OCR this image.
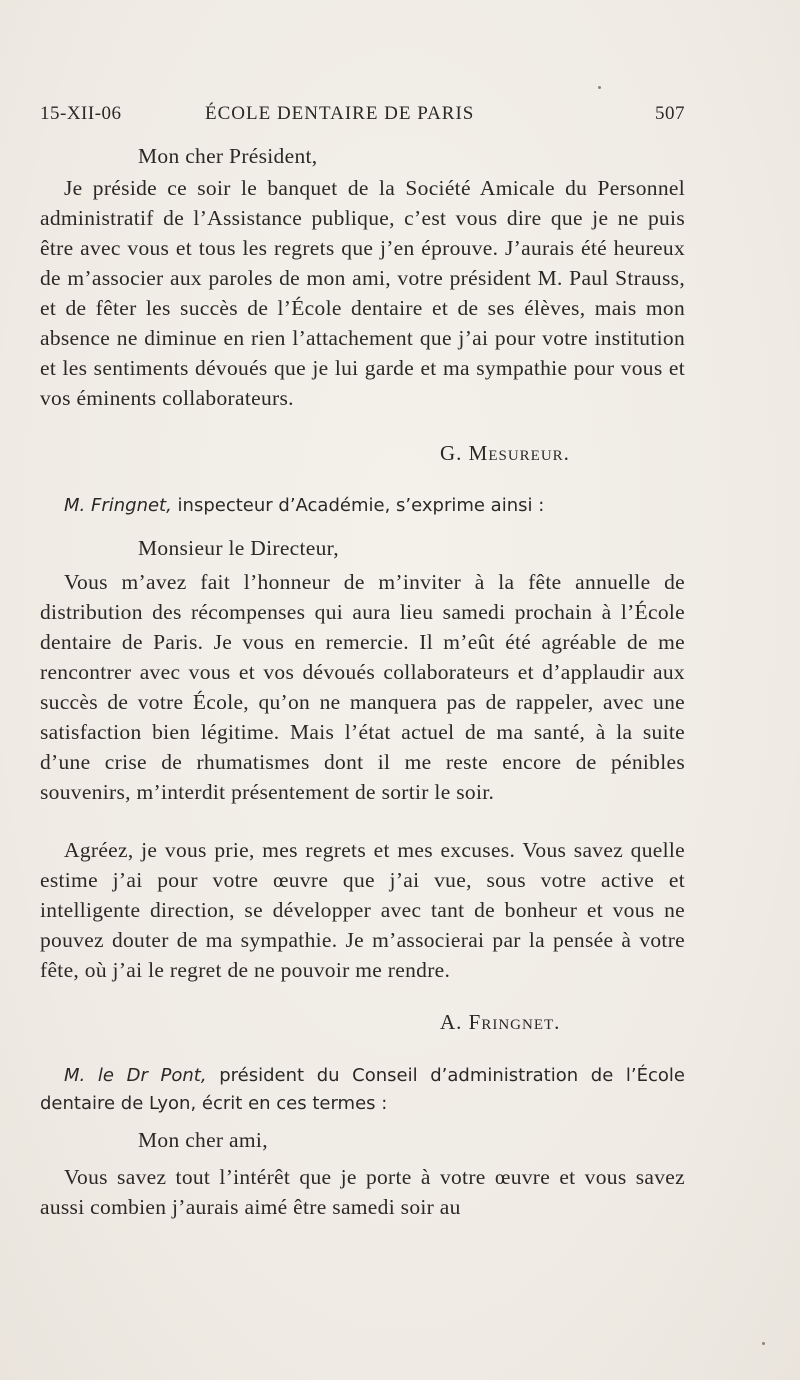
15-XII-06	ÉCOLE DENTAIRE DE PARIS	507

Mon cher Président,

Je préside ce soir le banquet de la Société Amicale du Personnel administratif de l’Assistance publique, c’est vous dire que je ne puis être avec vous et tous les regrets que j’en éprouve. J’aurais été heureux de m’associer aux paroles de mon ami, votre président M. Paul Strauss, et de fêter les succès de l’École dentaire et de ses élèves, mais mon absence ne diminue en rien l’attachement que j’ai pour votre institution et les sentiments dévoués que je lui garde et ma sympathie pour vous et vos éminents collaborateurs.

G. Mesureur.

M. Fringnet, inspecteur d’Académie, s’exprime ainsi :

Monsieur le Directeur,

Vous m’avez fait l’honneur de m’inviter à la fête annuelle de distribution des récompenses qui aura lieu samedi prochain à l’École dentaire de Paris. Je vous en remercie. Il m’eût été agréable de me rencontrer avec vous et vos dévoués collaborateurs et d’applaudir aux succès de votre École, qu’on ne manquera pas de rappeler, avec une satisfaction bien légitime. Mais l’état actuel de ma santé, à la suite d’une crise de rhumatismes dont il me reste encore de pénibles souvenirs, m’interdit présentement de sortir le soir.

Agréez, je vous prie, mes regrets et mes excuses. Vous savez quelle estime j’ai pour votre œuvre que j’ai vue, sous votre active et intelligente direction, se développer avec tant de bonheur et vous ne pouvez douter de ma sympathie. Je m’associerai par la pensée à votre fête, où j’ai le regret de ne pouvoir me rendre.

A. Fringnet.

M. le Dr Pont, président du Conseil d’administration de l’École dentaire de Lyon, écrit en ces termes :

Mon cher ami,

Vous savez tout l’intérêt que je porte à votre œuvre et vous savez aussi combien j’aurais aimé être samedi soir au
